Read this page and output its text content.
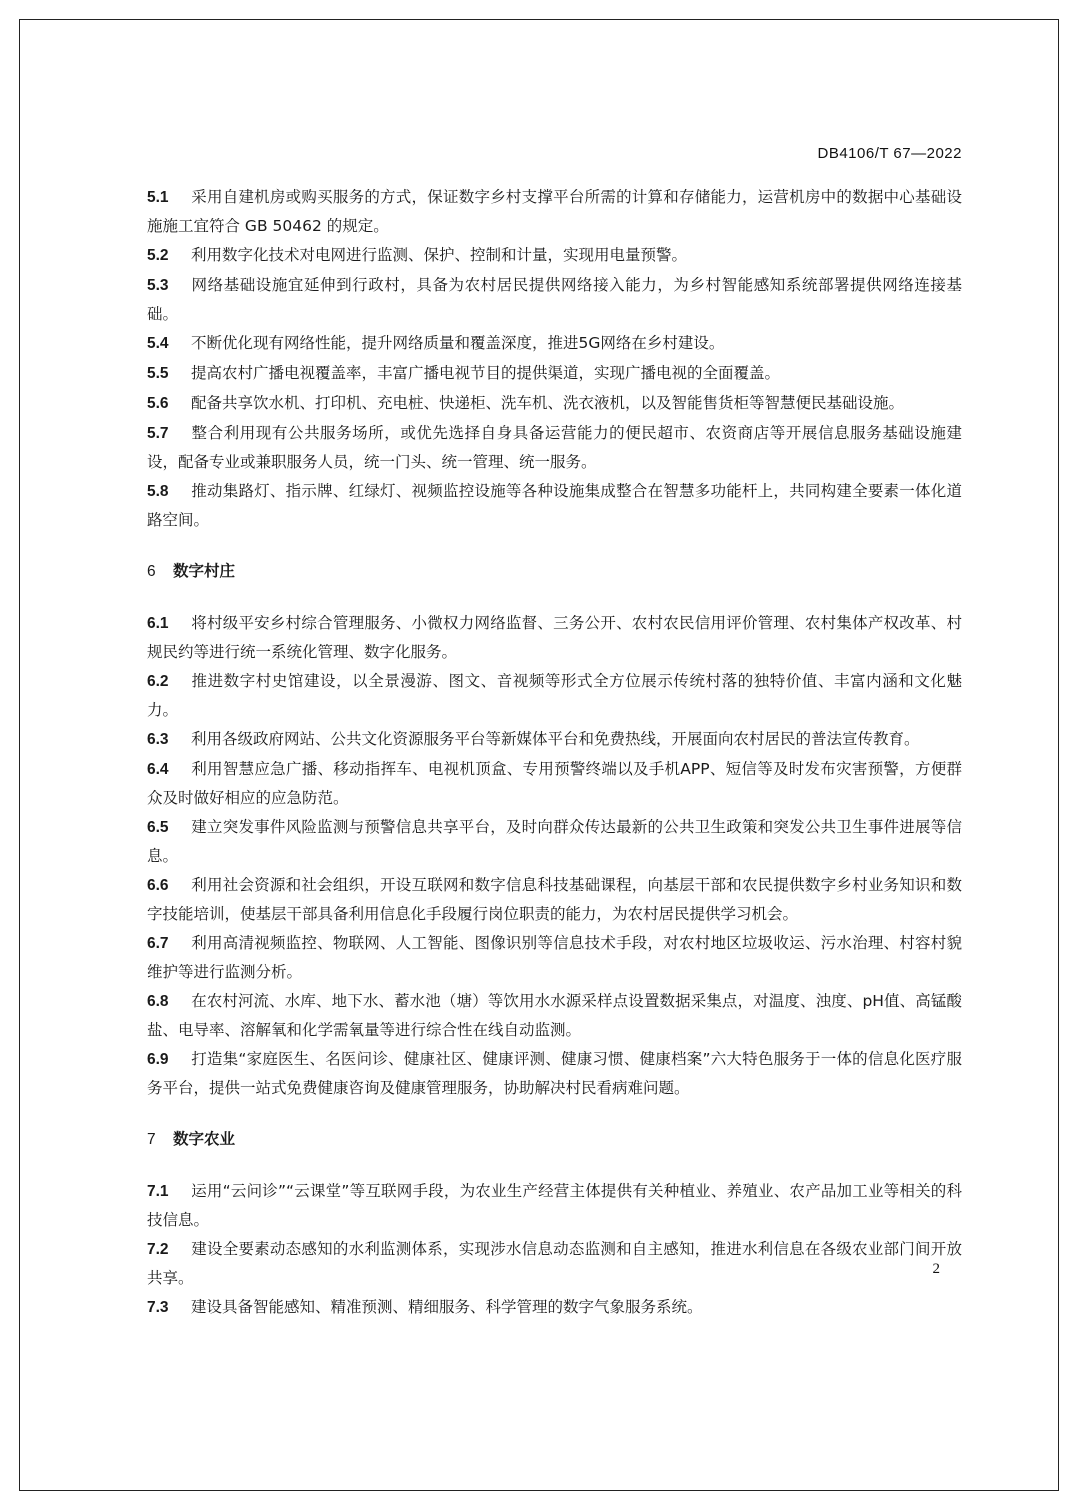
DB4106/T 67—2022

5.1 采用自建机房或购买服务的方式，保证数字乡村支撑平台所需的计算和存储能力，运营机房中的数据中心基础设施施工宜符合 GB 50462 的规定。

5.2 利用数字化技术对电网进行监测、保护、控制和计量，实现用电量预警。

5.3 网络基础设施宜延伸到行政村，具备为农村居民提供网络接入能力，为乡村智能感知系统部署提供网络连接基础。

5.4 不断优化现有网络性能，提升网络质量和覆盖深度，推进5G网络在乡村建设。

5.5 提高农村广播电视覆盖率，丰富广播电视节目的提供渠道，实现广播电视的全面覆盖。

5.6 配备共享饮水机、打印机、充电桩、快递柜、洗车机、洗衣液机，以及智能售货柜等智慧便民基础设施。

5.7 整合利用现有公共服务场所，或优先选择自身具备运营能力的便民超市、农资商店等开展信息服务基础设施建设，配备专业或兼职服务人员，统一门头、统一管理、统一服务。

5.8 推动集路灯、指示牌、红绿灯、视频监控设施等各种设施集成整合在智慧多功能杆上，共同构建全要素一体化道路空间。

6 数字村庄

6.1 将村级平安乡村综合管理服务、小微权力网络监督、三务公开、农村农民信用评价管理、农村集体产权改革、村规民约等进行统一系统化管理、数字化服务。

6.2 推进数字村史馆建设，以全景漫游、图文、音视频等形式全方位展示传统村落的独特价值、丰富内涵和文化魅力。

6.3 利用各级政府网站、公共文化资源服务平台等新媒体平台和免费热线，开展面向农村居民的普法宣传教育。

6.4 利用智慧应急广播、移动指挥车、电视机顶盒、专用预警终端以及手机APP、短信等及时发布灾害预警，方便群众及时做好相应的应急防范。

6.5 建立突发事件风险监测与预警信息共享平台，及时向群众传达最新的公共卫生政策和突发公共卫生事件进展等信息。

6.6 利用社会资源和社会组织，开设互联网和数字信息科技基础课程，向基层干部和农民提供数字乡村业务知识和数字技能培训，使基层干部具备利用信息化手段履行岗位职责的能力，为农村居民提供学习机会。

6.7 利用高清视频监控、物联网、人工智能、图像识别等信息技术手段，对农村地区垃圾收运、污水治理、村容村貌维护等进行监测分析。

6.8 在农村河流、水库、地下水、蓄水池（塘）等饮用水水源采样点设置数据采集点，对温度、浊度、pH值、高锰酸盐、电导率、溶解氧和化学需氧量等进行综合性在线自动监测。

6.9 打造集“家庭医生、名医问诊、健康社区、健康评测、健康习惯、健康档案”六大特色服务于一体的信息化医疗服务平台，提供一站式免费健康咨询及健康管理服务，协助解决村民看病难问题。

7 数字农业

7.1 运用“云问诊”“云课堂”等互联网手段，为农业生产经营主体提供有关种植业、养殖业、农产品加工业等相关的科技信息。

7.2 建设全要素动态感知的水利监测体系，实现涉水信息动态监测和自主感知，推进水利信息在各级农业部门间开放共享。

7.3 建设具备智能感知、精准预测、精细服务、科学管理的数字气象服务系统。

2
